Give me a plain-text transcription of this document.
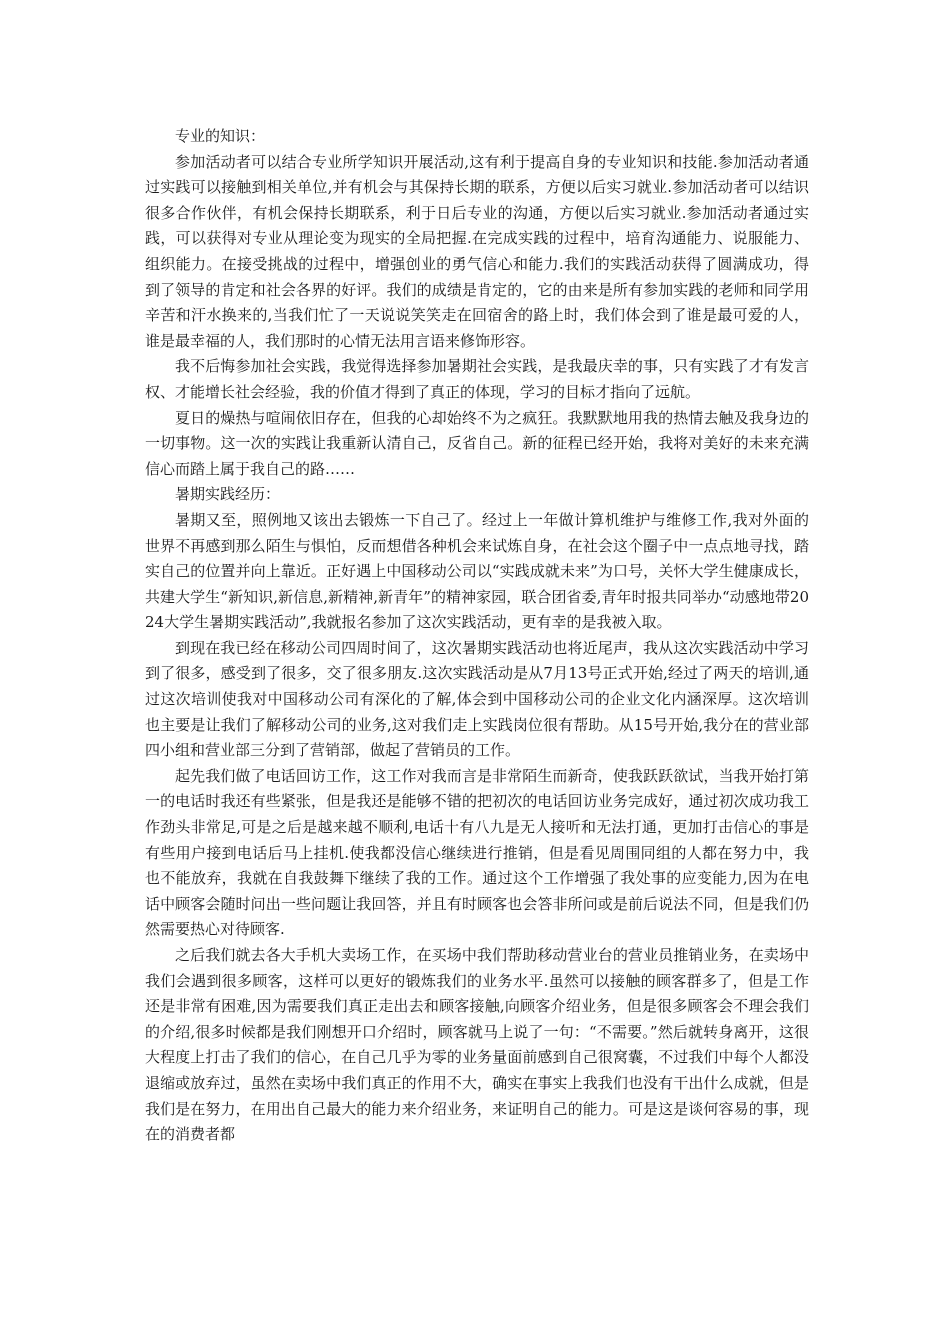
专业的知识：

参加活动者可以结合专业所学知识开展活动,这有利于提高自身的专业知识和技能.参加活动者通过实践可以接触到相关单位,并有机会与其保持长期的联系，方便以后实习就业.参加活动者可以结识很多合作伙伴，有机会保持长期联系，利于日后专业的沟通，方便以后实习就业.参加活动者通过实践，可以获得对专业从理论变为现实的全局把握.在完成实践的过程中，培育沟通能力、说服能力、组织能力。在接受挑战的过程中，增强创业的勇气信心和能力.我们的实践活动获得了圆满成功，得到了领导的肯定和社会各界的好评。我们的成绩是肯定的，它的由来是所有参加实践的老师和同学用辛苦和汗水换来的,当我们忙了一天说说笑笑走在回宿舍的路上时，我们体会到了谁是最可爱的人，谁是最幸福的人，我们那时的心情无法用言语来修饰形容。

我不后悔参加社会实践，我觉得选择参加暑期社会实践，是我最庆幸的事，只有实践了才有发言权、才能增长社会经验，我的价值才得到了真正的体现，学习的目标才指向了远航。

夏日的燥热与喧闹依旧存在，但我的心却始终不为之疯狂。我默默地用我的热情去触及我身边的一切事物。这一次的实践让我重新认清自己，反省自己。新的征程已经开始，我将对美好的未来充满信心而踏上属于我自己的路……

暑期实践经历：

暑期又至，照例地又该出去锻炼一下自己了。经过上一年做计算机维护与维修工作,我对外面的世界不再感到那么陌生与惧怕，反而想借各种机会来试炼自身，在社会这个圈子中一点点地寻找，踏实自己的位置并向上靠近。正好遇上中国移动公司以“实践成就未来”为口号，关怀大学生健康成长，共建大学生“新知识,新信息,新精神,新青年”的精神家园，联合团省委,青年时报共同举办“动感地带2024大学生暑期实践活动”,我就报名参加了这次实践活动，更有幸的是我被入取。

到现在我已经在移动公司四周时间了，这次暑期实践活动也将近尾声，我从这次实践活动中学习到了很多，感受到了很多，交了很多朋友.这次实践活动是从7月13号正式开始,经过了两天的培训,通过这次培训使我对中国移动公司有深化的了解,体会到中国移动公司的企业文化内涵深厚。这次培训也主要是让我们了解移动公司的业务,这对我们走上实践岗位很有帮助。从15号开始,我分在的营业部四小组和营业部三分到了营销部，做起了营销员的工作。

起先我们做了电话回访工作，这工作对我而言是非常陌生而新奇，使我跃跃欲试，当我开始打第一的电话时我还有些紧张，但是我还是能够不错的把初次的电话回访业务完成好，通过初次成功我工作劲头非常足,可是之后是越来越不顺利,电话十有八九是无人接听和无法打通，更加打击信心的事是有些用户接到电话后马上挂机.使我都没信心继续进行推销，但是看见周围同组的人都在努力中，我也不能放弃，我就在自我鼓舞下继续了我的工作。通过这个工作增强了我处事的应变能力,因为在电话中顾客会随时问出一些问题让我回答，并且有时顾客也会答非所问或是前后说法不同，但是我们仍然需要热心对待顾客.

之后我们就去各大手机大卖场工作，在买场中我们帮助移动营业台的营业员推销业务，在卖场中我们会遇到很多顾客，这样可以更好的锻炼我们的业务水平.虽然可以接触的顾客群多了，但是工作还是非常有困难,因为需要我们真正走出去和顾客接触,向顾客介绍业务，但是很多顾客会不理会我们的介绍,很多时候都是我们刚想开口介绍时，顾客就马上说了一句：“不需要。”然后就转身离开，这很大程度上打击了我们的信心，在自己几乎为零的业务量面前感到自己很窝囊，不过我们中每个人都没退缩或放弃过，虽然在卖场中我们真正的作用不大，确实在事实上我我们也没有干出什么成就，但是我们是在努力，在用出自己最大的能力来介绍业务，来证明自己的能力。可是这是谈何容易的事，现在的消费者都
